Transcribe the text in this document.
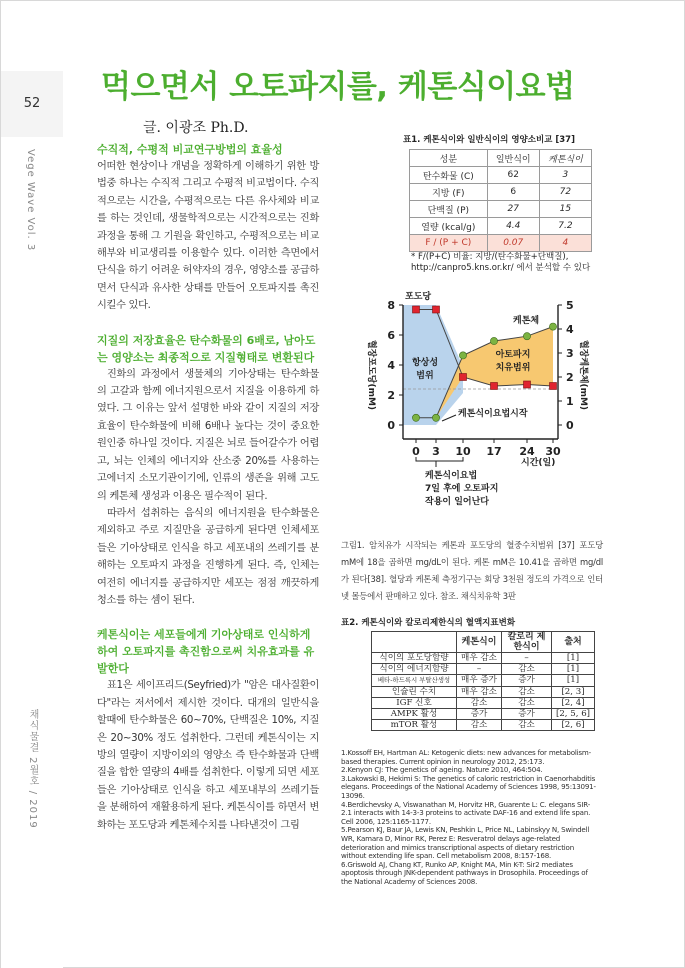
52
Vege Wave Vol. 3
채식물결 2월호 / 2019
먹으면서 오토파지를, 케톤식이요법
글. 이광조 Ph.D.
수직적, 수평적 비교연구방법의 효율성

어떠한 현상이나 개념을 정확하게 이해하기 위한 방법중 하나는 수직적 그리고 수평적 비교법이다. 수직적으로는 시간을, 수평적으로는 다른 유사체와 비교를 하는 것인데, 생물학적으로는 시간적으로는 진화과정을 통해 그 기원을 확인하고, 수평적으로는 비교해부와 비교생리를 이용할수 있다. 이러한 측면에서 단식을 하기 어려운 허약자의 경우, 영양소를 공급하면서 단식과 유사한 상태를 만들어 오토파지를 촉진시킬수 있다.

지질의 저장효율은 탄수화물의 6배로, 남아도는 영양소는 최종적으로 지질형태로 변환된다

진화의 과정에서 생물체의 기아상태는 탄수화물의 고갈과 함께 에너지원으로서 지질을 이용하게 하였다. 그 이유는 앞서 설명한 바와 같이 지질의 저장효율이 탄수화물에 비해 6배나 높다는 것이 중요한 원인중 하나일 것이다. 지질은 뇌로 들어갈수가 어렵고, 뇌는 인체의 에너지와 산소중 20%를 사용하는 고에너지 소모기관이기에, 인류의 생존을 위해 고도의 케톤체 생성과 이용은 필수적이 된다.

따라서 섭취하는 음식의 에너지원을 탄수화물은 제외하고 주로 지질만을 공급하게 된다면 인체세포들은 기아상태로 인식을 하고 세포내의 쓰레기를 분해하는 오토파지 과정을 진행하게 된다. 즉, 인체는 여전히 에너지를 공급하지만 세포는 점점 깨끗하게 청소를 하는 셈이 된다.

케톤식이는 세포들에게 기아상태로 인식하게 하여 오토파지를 촉진함으로써 치유효과를 유발한다

표1은 세이프리드(Seyfried)가 "암은 대사질환이다"라는 저서에서 제시한 것이다. 대개의 일반식을 할때에 탄수화물은 60~70%, 단백질은 10%, 지질은 20~30% 정도 섭취한다. 그런데 케톤식이는 지방의 열량이 지방이외의 영양소 즉 탄수화물과 단백질을 합한 열량의 4배를 섭취한다. 이렇게 되면 세포들은 기아상태로 인식을 하고 세포내부의 쓰레기들을 분해하여 재활용하게 된다. 케톤식이를 하면서 변화하는 포도당과 케톤체수치를 나타낸것이 그림

표1. 케톤식이와 일반식이의 영양소비교 [37]
성분	일반식이	케톤식이
탄수화물 (C)	62	3
지방 (F)	6	72
단백질 (P)	27	15
열량 (kcal/g)	4.4	7.2
F / (P + C)	0.07	4
* F/(P+C) 비율: 지방/(탄수화물+단백질), http://canpro5.kns.or.kr/ 에서 분석할 수 있다
0
2
4
6
8
0
1
2
3
4
5
0 3 10 17 24 30
혈장포도당(mM)	혈장케톤체(mM)
시간(일)
포도당
케톤체
항상성
범위
아토파지
치유범위
케톤식이요법시작
케톤식이요법
7일 후에 오토파지
작용이 일어난다
그림1. 암치유가 시작되는 케톤과 포도당의 혈중수치범위 [37] 포도당 mM에 18을 곱하면 mg/dL이 된다. 케톤 mM은 10.41을 곱하면 mg/dl가 된다[38]. 혈당과 케톤체 측정기구는 회당 3천원 정도의 가격으로 인터넷 몰등에서 판매하고 있다. 참조. 채식치유학 3판
표2. 케톤식이와 칼로리제한식의 혈액지표변화
	케톤식이	칼로리 제한식이	출처
식이의 포도당함량	매우 감소	–	[1]
식이의 에너지함량	–	감소	[1]
베타-하드록시 부탈산생성	매우 증가	증가	[1]
인슐린 수치	매우 감소	감소	[2, 3]
IGF 신호	감소	감소	[2, 4]
AMPK 활성	증가	증가	[2, 5, 6]
mTOR 활성	감소	감소	[2, 6]

1.Kossoff EH, Hartman AL: Ketogenic diets: new advances for metabolism-based therapies. Current opinion in neurology 2012, 25:173.

2.Kenyon CJ: The genetics of ageing. Nature 2010, 464:504.

3.Lakowski B, Hekimi S: The genetics of caloric restriction in Caenorhabditis elegans. Proceedings of the National Academy of Sciences 1998, 95:13091-13096.

4.Berdichevsky A, Viswanathan M, Horvitz HR, Guarente L: C. elegans SIR-2.1 interacts with 14-3-3 proteins to activate DAF-16 and extend life span. Cell 2006, 125:1165-1177.

5.Pearson KJ, Baur JA, Lewis KN, Peshkin L, Price NL, Labinskyy N, Swindell WR, Kamara D, Minor RK, Perez E: Resveratrol delays age-related deterioration and mimics transcriptional aspects of dietary restriction without extending life span. Cell metabolism 2008, 8:157-168.

6.Griswold AJ, Chang KT, Runko AP, Knight MA, Min K-T: Sir2 mediates apoptosis through JNK-dependent pathways in Drosophila. Proceedings of the National Academy of Sciences 2008.
